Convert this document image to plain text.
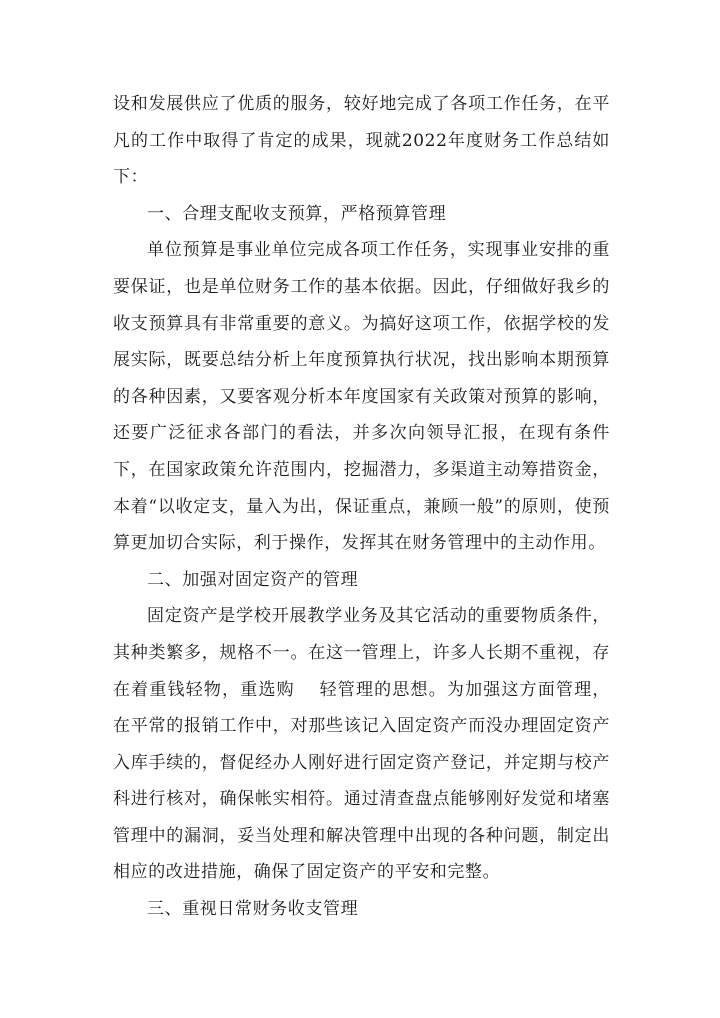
设和发展供应了优质的服务，较好地完成了各项工作任务，在平凡的工作中取得了肯定的成果，现就2022年度财务工作总结如下：

一、合理支配收支预算，严格预算管理

单位预算是事业单位完成各项工作任务，实现事业安排的重要保证，也是单位财务工作的基本依据。因此，仔细做好我乡的收支预算具有非常重要的意义。为搞好这项工作，依据学校的发展实际，既要总结分析上年度预算执行状况，找出影响本期预算的各种因素，又要客观分析本年度国家有关政策对预算的影响，还要广泛征求各部门的看法，并多次向领导汇报，在现有条件下，在国家政策允许范围内，挖掘潜力，多渠道主动筹措资金，本着“以收定支，量入为出，保证重点，兼顾一般”的原则，使预算更加切合实际，利于操作，发挥其在财务管理中的主动作用。

二、加强对固定资产的管理

固定资产是学校开展教学业务及其它活动的重要物质条件，其种类繁多，规格不一。在这一管理上，许多人长期不重视，存在着重钱轻物，重选购　 轻管理的思想。为加强这方面管理，在平常的报销工作中，对那些该记入固定资产而没办理固定资产入库手续的，督促经办人刚好进行固定资产登记，并定期与校产科进行核对，确保帐实相符。通过清查盘点能够刚好发觉和堵塞管理中的漏洞，妥当处理和解决管理中出现的各种问题，制定出相应的改进措施，确保了固定资产的平安和完整。

三、重视日常财务收支管理
